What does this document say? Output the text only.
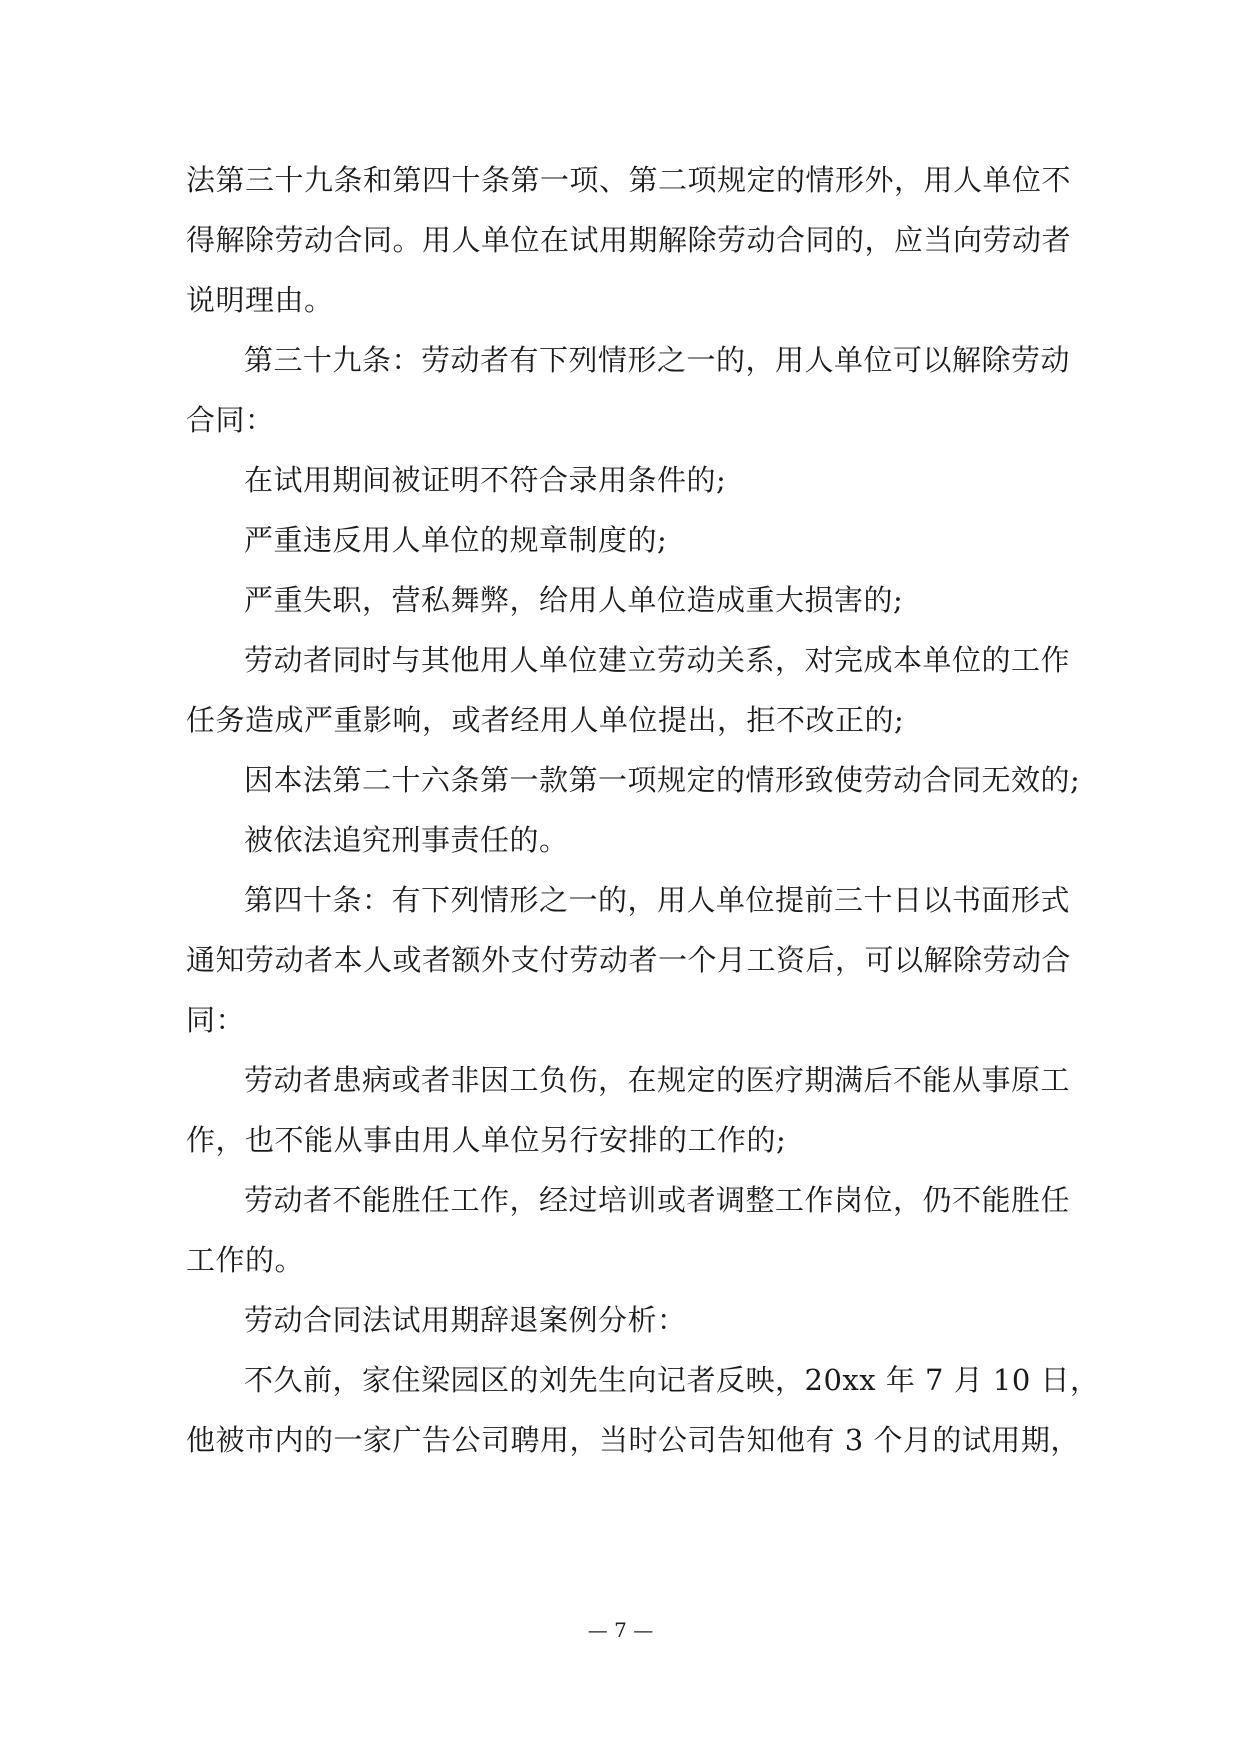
法第三十九条和第四十条第一项、第二项规定的情形外，用人单位不
得解除劳动合同。用人单位在试用期解除劳动合同的，应当向劳动者
说明理由。
第三十九条：劳动者有下列情形之一的，用人单位可以解除劳动
合同：
在试用期间被证明不符合录用条件的;
严重违反用人单位的规章制度的;
严重失职，营私舞弊，给用人单位造成重大损害的;
劳动者同时与其他用人单位建立劳动关系，对完成本单位的工作
任务造成严重影响，或者经用人单位提出，拒不改正的;
因本法第二十六条第一款第一项规定的情形致使劳动合同无效的;
被依法追究刑事责任的。
第四十条：有下列情形之一的，用人单位提前三十日以书面形式
通知劳动者本人或者额外支付劳动者一个月工资后，可以解除劳动合
同：
劳动者患病或者非因工负伤，在规定的医疗期满后不能从事原工
作，也不能从事由用人单位另行安排的工作的;
劳动者不能胜任工作，经过培训或者调整工作岗位，仍不能胜任
工作的。
劳动合同法试用期辞退案例分析：
不久前，家住梁园区的刘先生向记者反映，20xx 年 7 月 10 日，
他被市内的一家广告公司聘用，当时公司告知他有 3 个月的试用期，
— 7 —
